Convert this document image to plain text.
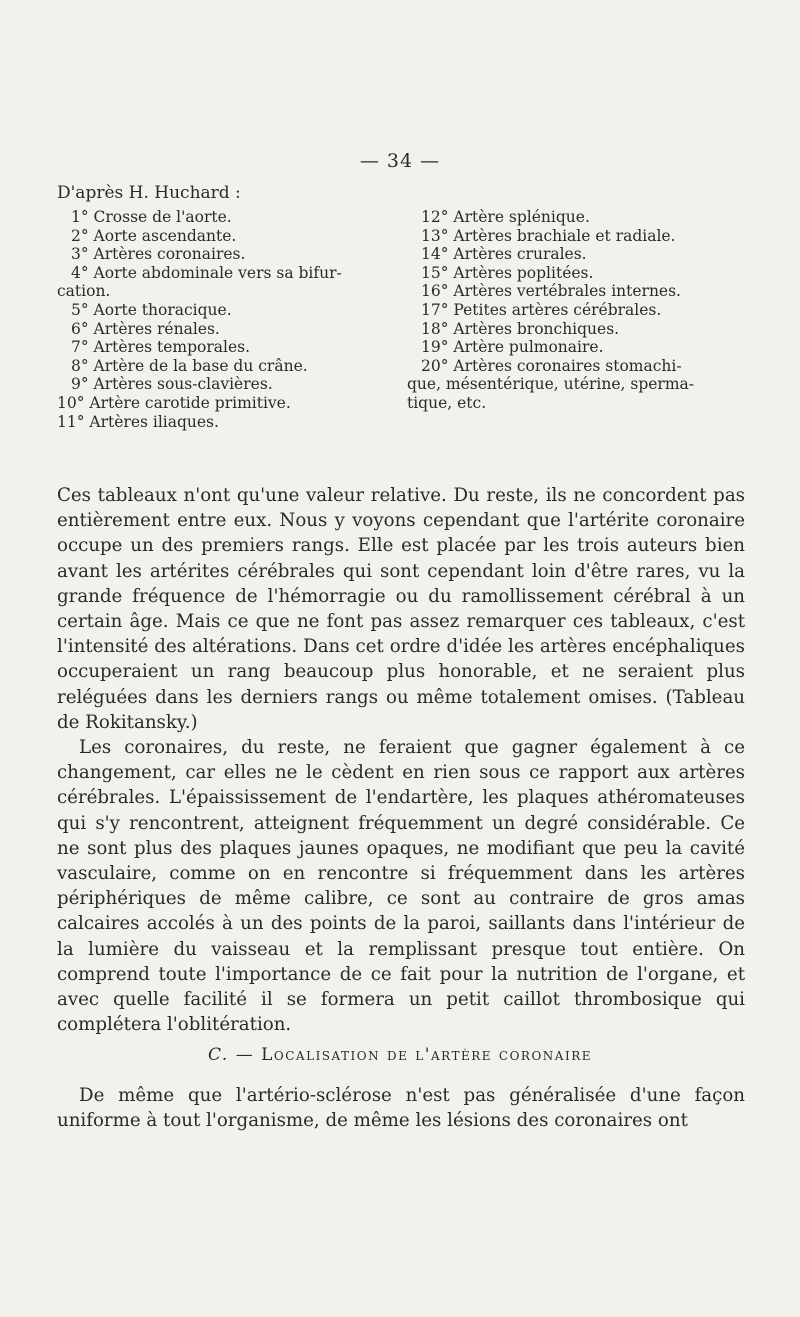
— 34 —
D'après H. Huchard :
1° Crosse de l'aorte.
2° Aorte ascendante.
3° Artères coronaires.
4° Aorte abdominale vers sa bifur-
cation.
5° Aorte thoracique.
6° Artères rénales.
7° Artères temporales.
8° Artère de la base du crâne.
9° Artères sous-clavières.
10° Artère carotide primitive.
11° Artères iliaques.
12° Artère splénique.
13° Artères brachiale et radiale.
14° Artères crurales.
15° Artères poplitées.
16° Artères vertébrales internes.
17° Petites artères cérébrales.
18° Artères bronchiques.
19° Artère pulmonaire.
20° Artères coronaires stomachi-
que, mésentérique, utérine, sperma-
tique, etc.

Ces tableaux n'ont qu'une valeur relative. Du reste, ils ne concordent pas entièrement entre eux. Nous y voyons cependant que l'artérite coronaire occupe un des premiers rangs. Elle est placée par les trois auteurs bien avant les artérites cérébrales qui sont cependant loin d'être rares, vu la grande fréquence de l'hémorragie ou du ramollissement cérébral à un certain âge. Mais ce que ne font pas assez remarquer ces tableaux, c'est l'intensité des altérations. Dans cet ordre d'idée les artères encéphaliques occuperaient un rang beaucoup plus honorable, et ne seraient plus reléguées dans les derniers rangs ou même totalement omises. (Tableau de Rokitansky.)

Les coronaires, du reste, ne feraient que gagner également à ce changement, car elles ne le cèdent en rien sous ce rapport aux artères cérébrales. L'épaississement de l'endartère, les plaques athéromateuses qui s'y rencontrent, atteignent fréquemment un degré considérable. Ce ne sont plus des plaques jaunes opaques, ne modifiant que peu la cavité vasculaire, comme on en rencontre si fréquemment dans les artères périphériques de même calibre, ce sont au contraire de gros amas calcaires accolés à un des points de la paroi, saillants dans l'intérieur de la lumière du vaisseau et la remplissant presque tout entière. On comprend toute l'importance de ce fait pour la nutrition de l'organe, et avec quelle facilité il se formera un petit caillot thrombosique qui complétera l'oblitération.

C. — Localisation de l'artère coronaire

De même que l'artério-sclérose n'est pas généralisée d'une façon uniforme à tout l'organisme, de même les lésions des coronaires ont
